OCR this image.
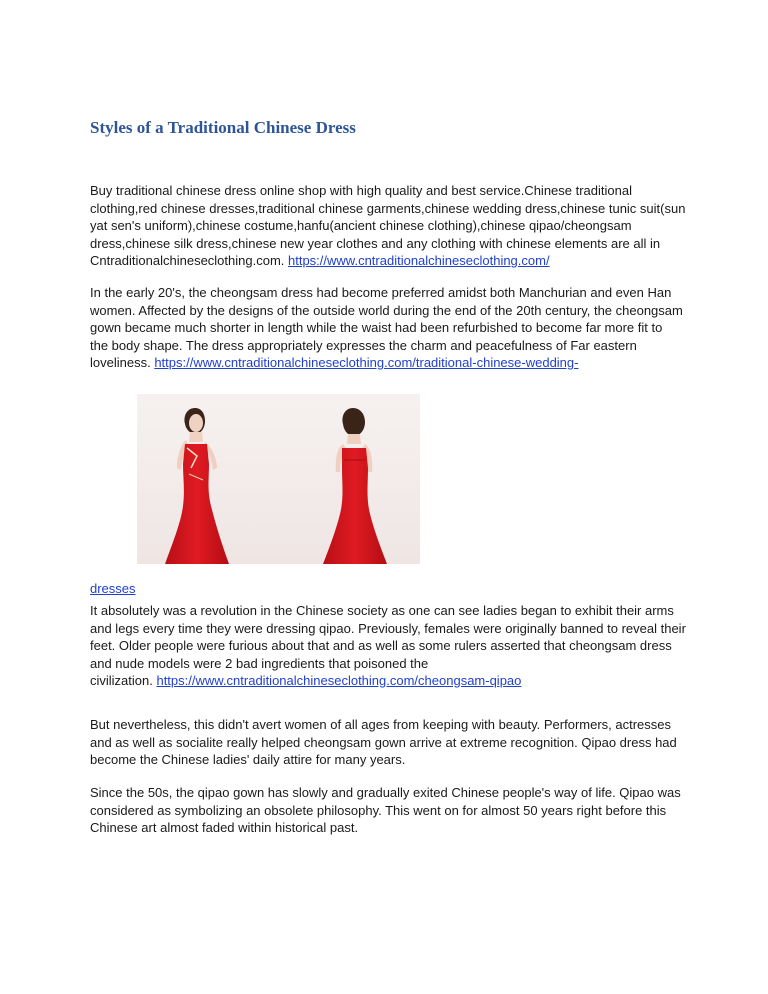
Styles of a Traditional Chinese Dress

Buy traditional chinese dress online shop with high quality and best service.Chinese traditional
clothing,red chinese dresses,traditional chinese garments,chinese wedding dress,chinese tunic suit(sun
yat sen's uniform),chinese costume,hanfu(ancient chinese clothing),chinese qipao/cheongsam
dress,chinese silk dress,chinese new year clothes and any clothing with chinese elements are all in
Cntraditionalchineseclothing.com. https://www.cntraditionalchineseclothing.com/

In the early 20's, the cheongsam dress had become preferred amidst both Manchurian and even Han
women. Affected by the designs of the outside world during the end of the 20th century, the cheongsam
gown became much shorter in length while the waist had been refurbished to become far more fit to
the body shape. The dress appropriately expresses the charm and peacefulness of Far eastern
loveliness. https://www.cntraditionalchineseclothing.com/traditional-chinese-wedding-

dresses

It absolutely was a revolution in the Chinese society as one can see ladies began to exhibit their arms
and legs every time they were dressing qipao. Previously, females were originally banned to reveal their
feet. Older people were furious about that and as well as some rulers asserted that cheongsam dress
and nude models were 2 bad ingredients that poisoned the
civilization. https://www.cntraditionalchineseclothing.com/cheongsam-qipao

But nevertheless, this didn't avert women of all ages from keeping with beauty. Performers, actresses
and as well as socialite really helped cheongsam gown arrive at extreme recognition. Qipao dress had
become the Chinese ladies' daily attire for many years.

Since the 50s, the qipao gown has slowly and gradually exited Chinese people's way of life. Qipao was
considered as symbolizing an obsolete philosophy. This went on for almost 50 years right before this
Chinese art almost faded within historical past.
